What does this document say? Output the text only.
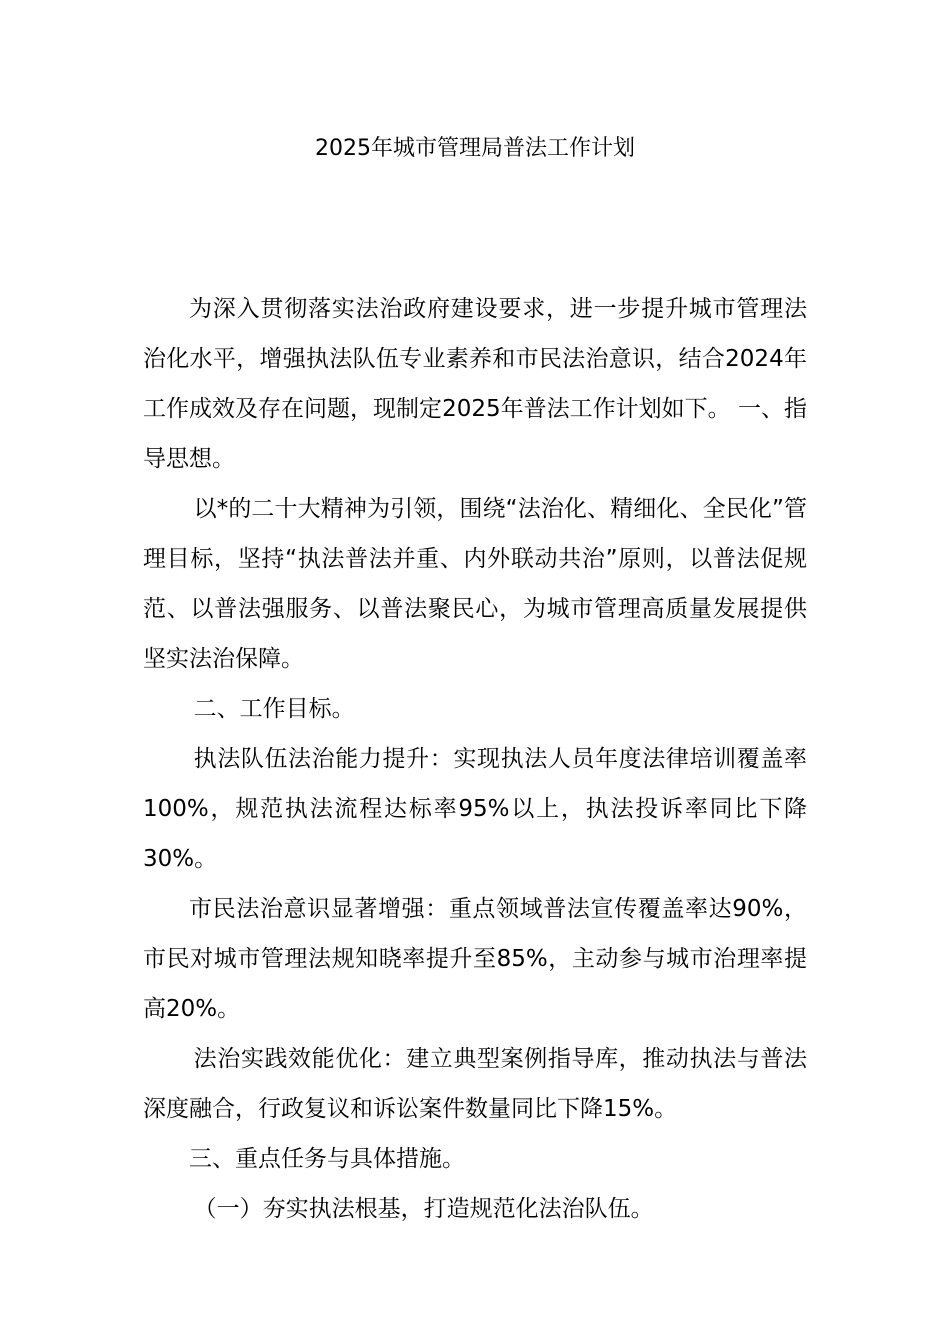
2025年城市管理局普法工作计划

为深入贯彻落实法治政府建设要求，进一步提升城市管理法治化水平，增强执法队伍专业素养和市民法治意识，结合2024年工作成效及存在问题，现制定2025年普法工作计划如下。 一、指导思想。

以*的二十大精神为引领，围绕“法治化、精细化、全民化”管理目标，坚持“执法普法并重、内外联动共治”原则，以普法促规范、以普法强服务、以普法聚民心，为城市管理高质量发展提供坚实法治保障。

二、工作目标。

执法队伍法治能力提升：实现执法人员年度法律培训覆盖率100%，规范执法流程达标率95%以上，执法投诉率同比下降30%。

市民法治意识显著增强：重点领域普法宣传覆盖率达90%，市民对城市管理法规知晓率提升至85%，主动参与城市治理率提高20%。

法治实践效能优化：建立典型案例指导库，推动执法与普法深度融合，行政复议和诉讼案件数量同比下降15%。

三、重点任务与具体措施。

（一）夯实执法根基，打造规范化法治队伍。
